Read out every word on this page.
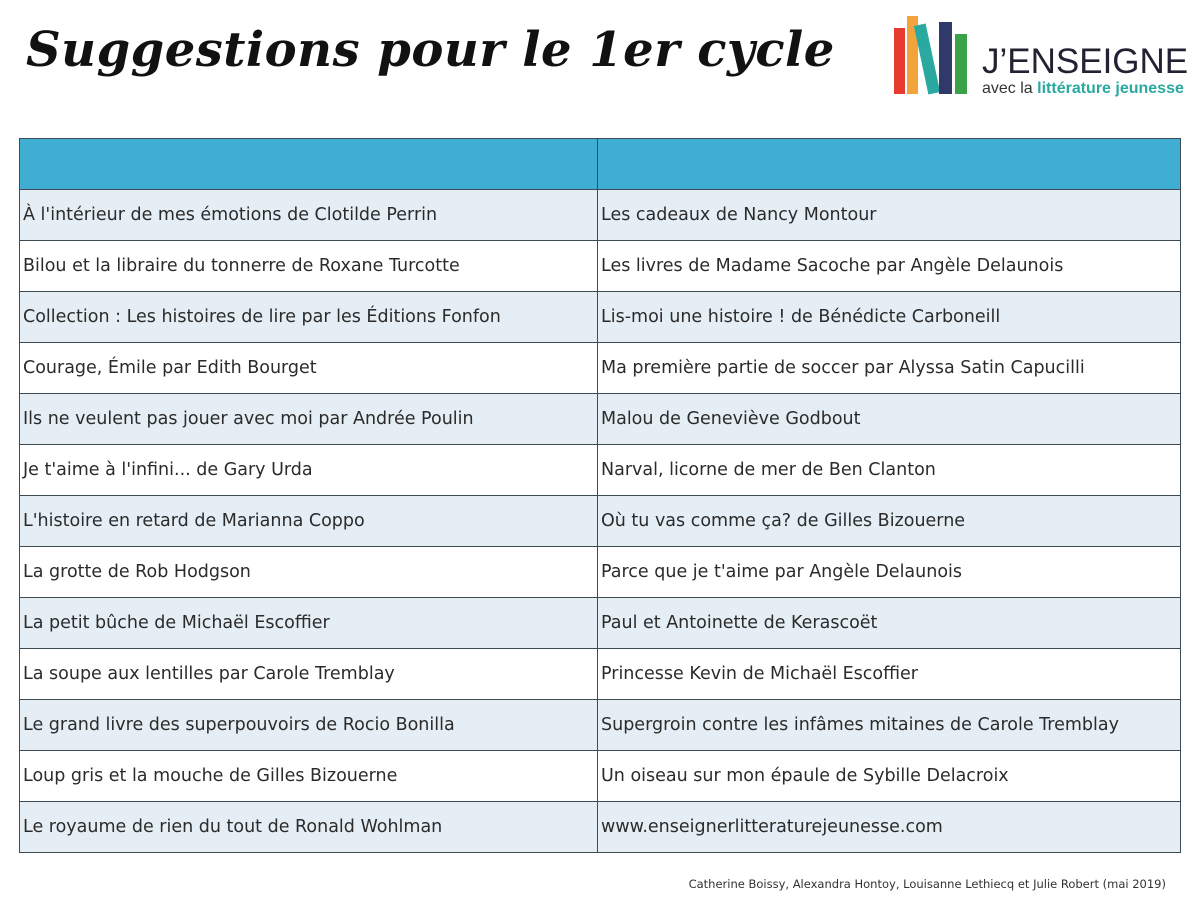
Suggestions pour le 1er cycle	J’ENSEIGNE
avec la littérature jeunesse

À l'intérieur de mes émotions de Clotilde Perrin	Les cadeaux de Nancy Montour
Bilou et la libraire du tonnerre de Roxane Turcotte	Les livres de Madame Sacoche par Angèle Delaunois
Collection : Les histoires de lire par les Éditions Fonfon	Lis-moi une histoire ! de Bénédicte Carboneill
Courage, Émile par Edith Bourget	Ma première partie de soccer par Alyssa Satin Capucilli
Ils ne veulent pas jouer avec moi par Andrée Poulin	Malou de Geneviève Godbout
Je t'aime à l'infini... de Gary Urda	Narval, licorne de mer de Ben Clanton
L'histoire en retard de Marianna Coppo	Où tu vas comme ça? de Gilles Bizouerne
La grotte de Rob Hodgson	Parce que je t'aime par Angèle Delaunois
La petit bûche de Michaël Escoffier	Paul et Antoinette de Kerascoët
La soupe aux lentilles par Carole Tremblay	Princesse Kevin de Michaël Escoffier
Le grand livre des superpouvoirs de Rocio Bonilla	Supergroin contre les infâmes mitaines de Carole Tremblay
Loup gris et la mouche de Gilles Bizouerne	Un oiseau sur mon épaule de Sybille Delacroix
Le royaume de rien du tout de Ronald Wohlman	www.enseignerlitteraturejeunesse.com
Catherine Boissy, Alexandra Hontoy, Louisanne Lethiecq et Julie Robert (mai 2019)
